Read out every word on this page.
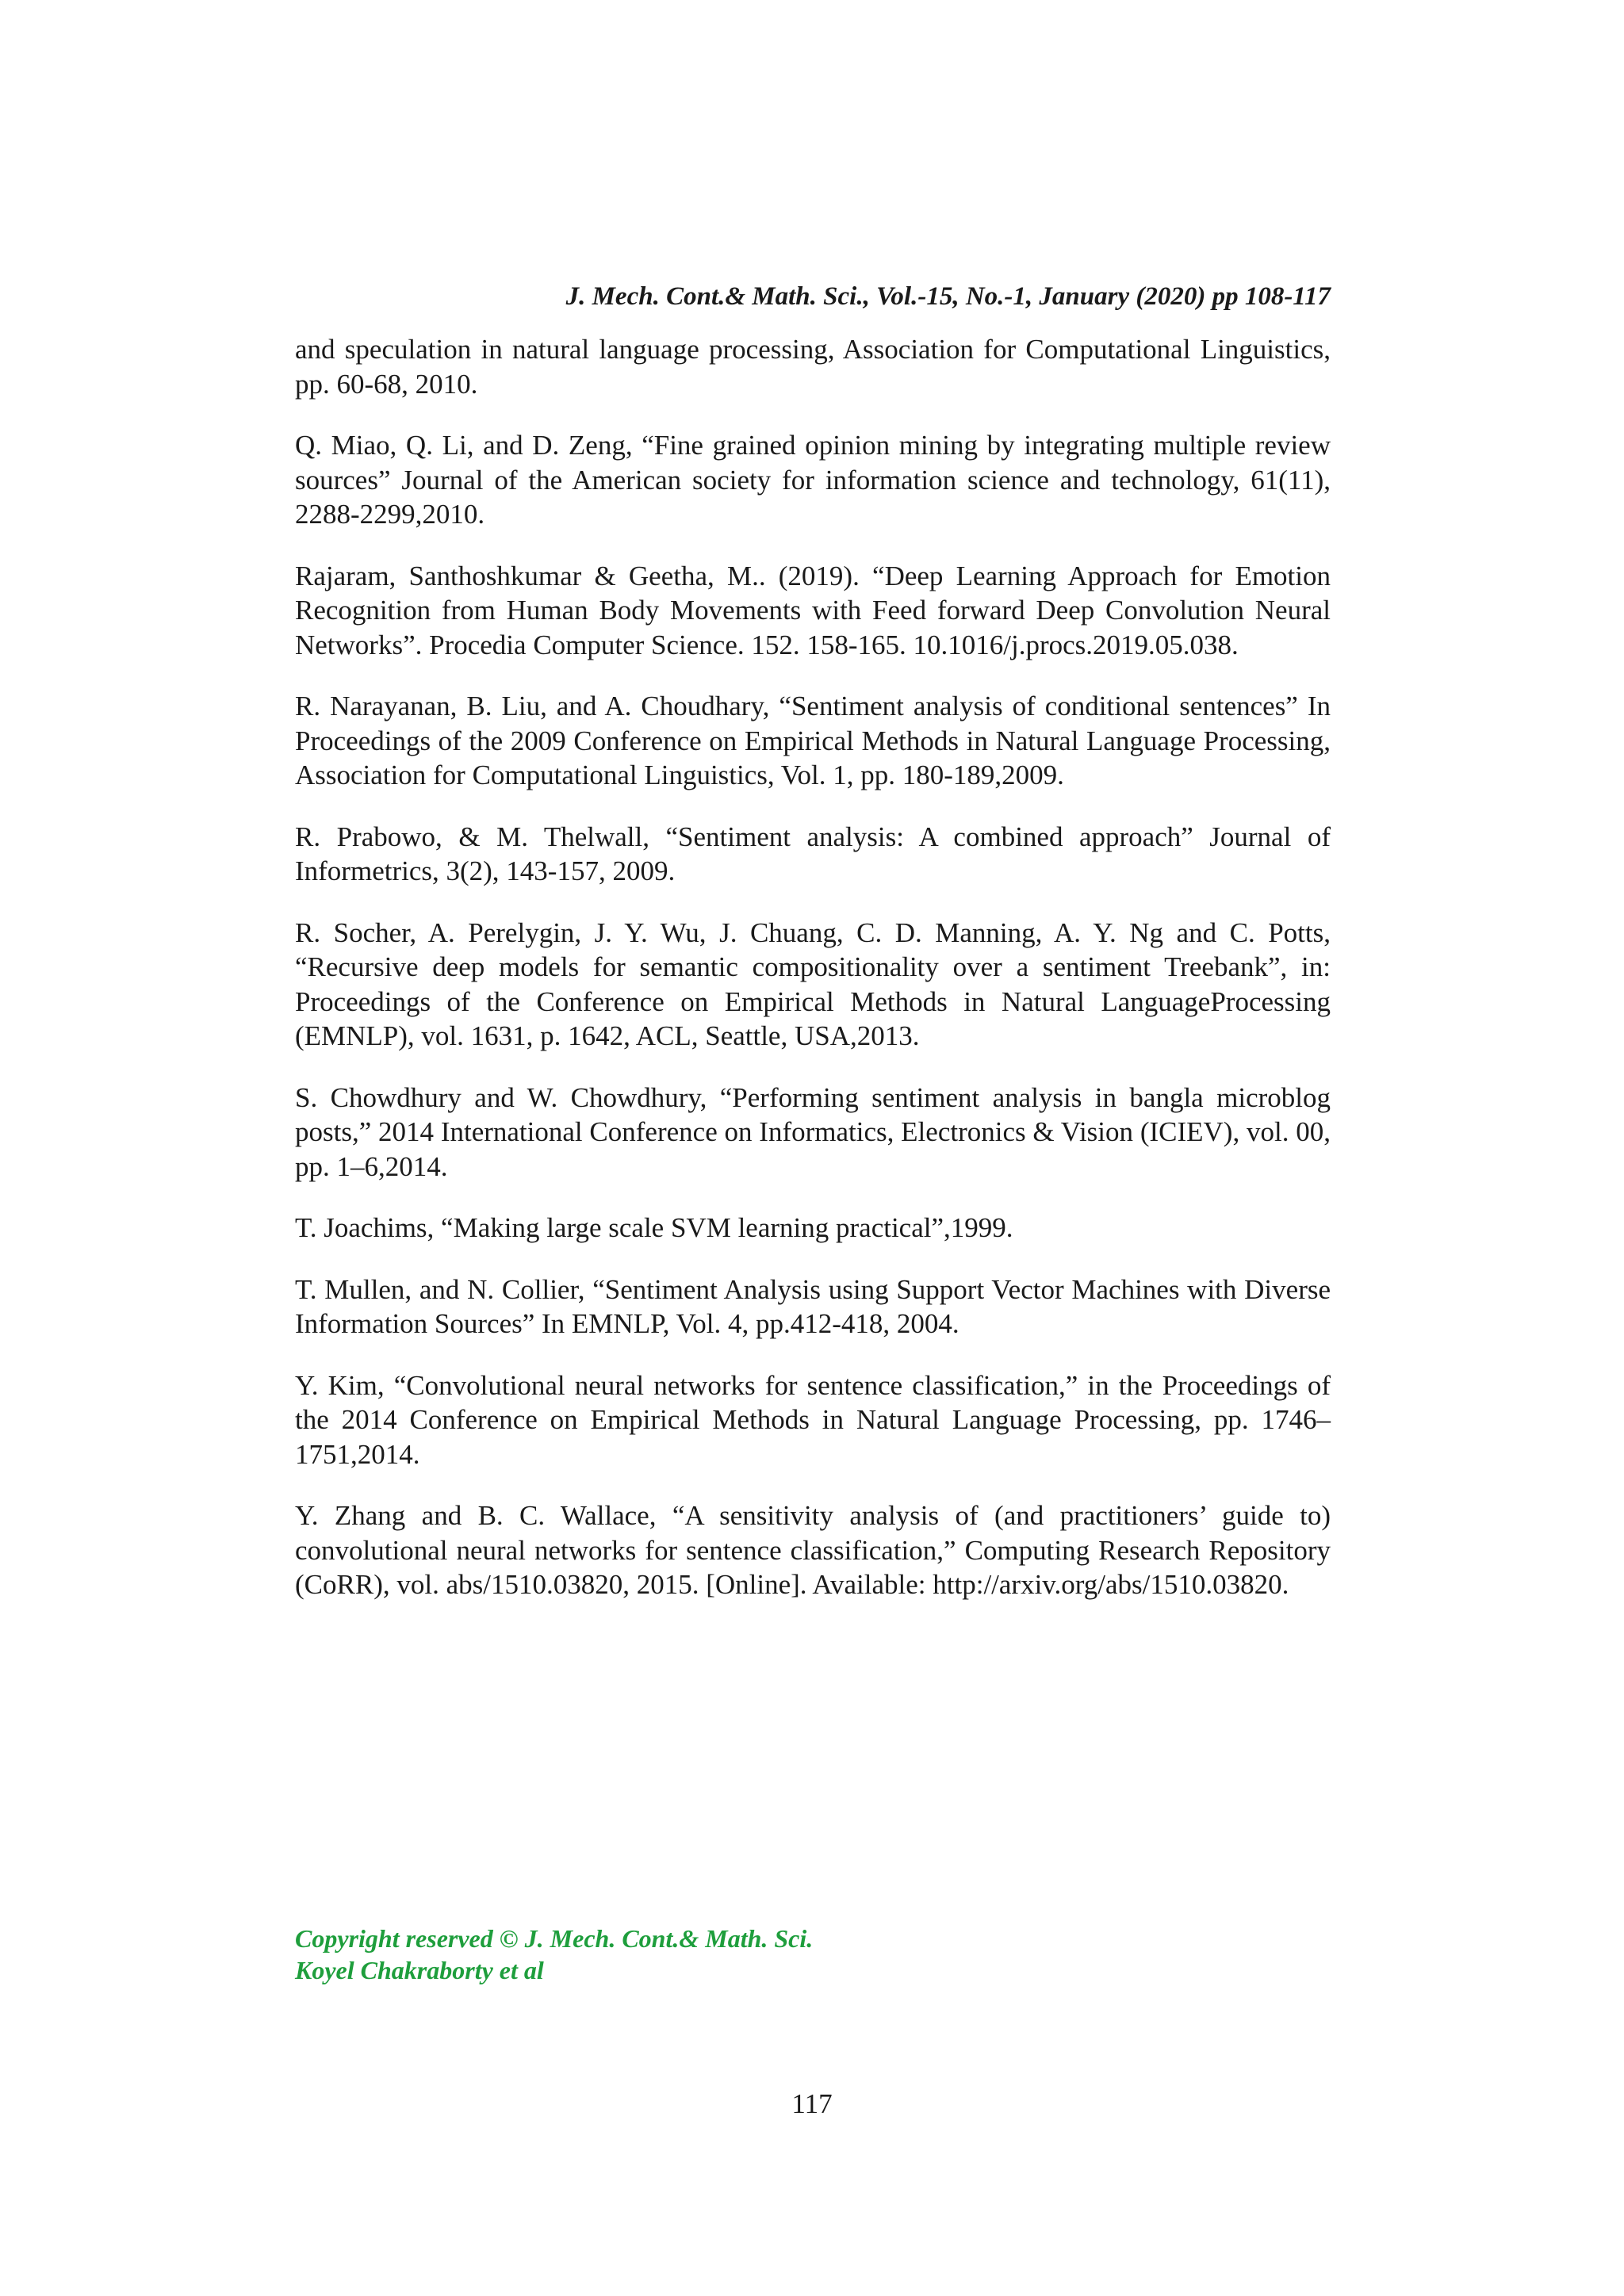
J. Mech. Cont.& Math. Sci., Vol.-15, No.-1, January (2020) pp 108-117
and speculation in natural language processing, Association for Computational Linguistics, pp. 60-68, 2010.
Q. Miao, Q. Li, and D. Zeng, “Fine grained opinion mining by integrating multiple review sources” Journal of the American society for information science and technology, 61(11), 2288-2299,2010.
Rajaram, Santhoshkumar & Geetha, M.. (2019). “Deep Learning Approach for Emotion Recognition from Human Body Movements with Feed forward Deep Convolution Neural Networks”. Procedia Computer Science. 152. 158-165. 10.1016/j.procs.2019.05.038.
R. Narayanan, B. Liu, and A. Choudhary, “Sentiment analysis of conditional sentences” In Proceedings of the 2009 Conference on Empirical Methods in Natural Language Processing, Association for Computational Linguistics, Vol. 1, pp. 180-189,2009.
R. Prabowo, & M. Thelwall, “Sentiment analysis: A combined approach” Journal of Informetrics, 3(2), 143-157, 2009.
R. Socher, A. Perelygin, J. Y. Wu, J. Chuang, C. D. Manning, A. Y. Ng and C. Potts, “Recursive deep models for semantic compositionality over a sentiment Treebank”, in: Proceedings of the Conference on Empirical Methods in Natural LanguageProcessing (EMNLP), vol. 1631, p. 1642, ACL, Seattle, USA,2013.
S. Chowdhury and W. Chowdhury, “Performing sentiment analysis in bangla microblog posts,” 2014 International Conference on Informatics, Electronics & Vision (ICIEV), vol. 00, pp. 1–6,2014.
T. Joachims, “Making large scale SVM learning practical”,1999.
T. Mullen, and N. Collier, “Sentiment Analysis using Support Vector Machines with Diverse Information Sources” In EMNLP, Vol. 4, pp.412-418, 2004.
Y. Kim, “Convolutional neural networks for sentence classification,” in the Proceedings of the 2014 Conference on Empirical Methods in Natural Language Processing, pp. 1746– 1751,2014.
Y. Zhang and B. C. Wallace, “A sensitivity analysis of (and practitioners’ guide to) convolutional neural networks for sentence classification,” Computing Research Repository (CoRR), vol. abs/1510.03820, 2015. [Online]. Available: http://arxiv.org/abs/1510.03820.
Copyright reserved © J. Mech. Cont.& Math. Sci.
Koyel Chakraborty et al
117
